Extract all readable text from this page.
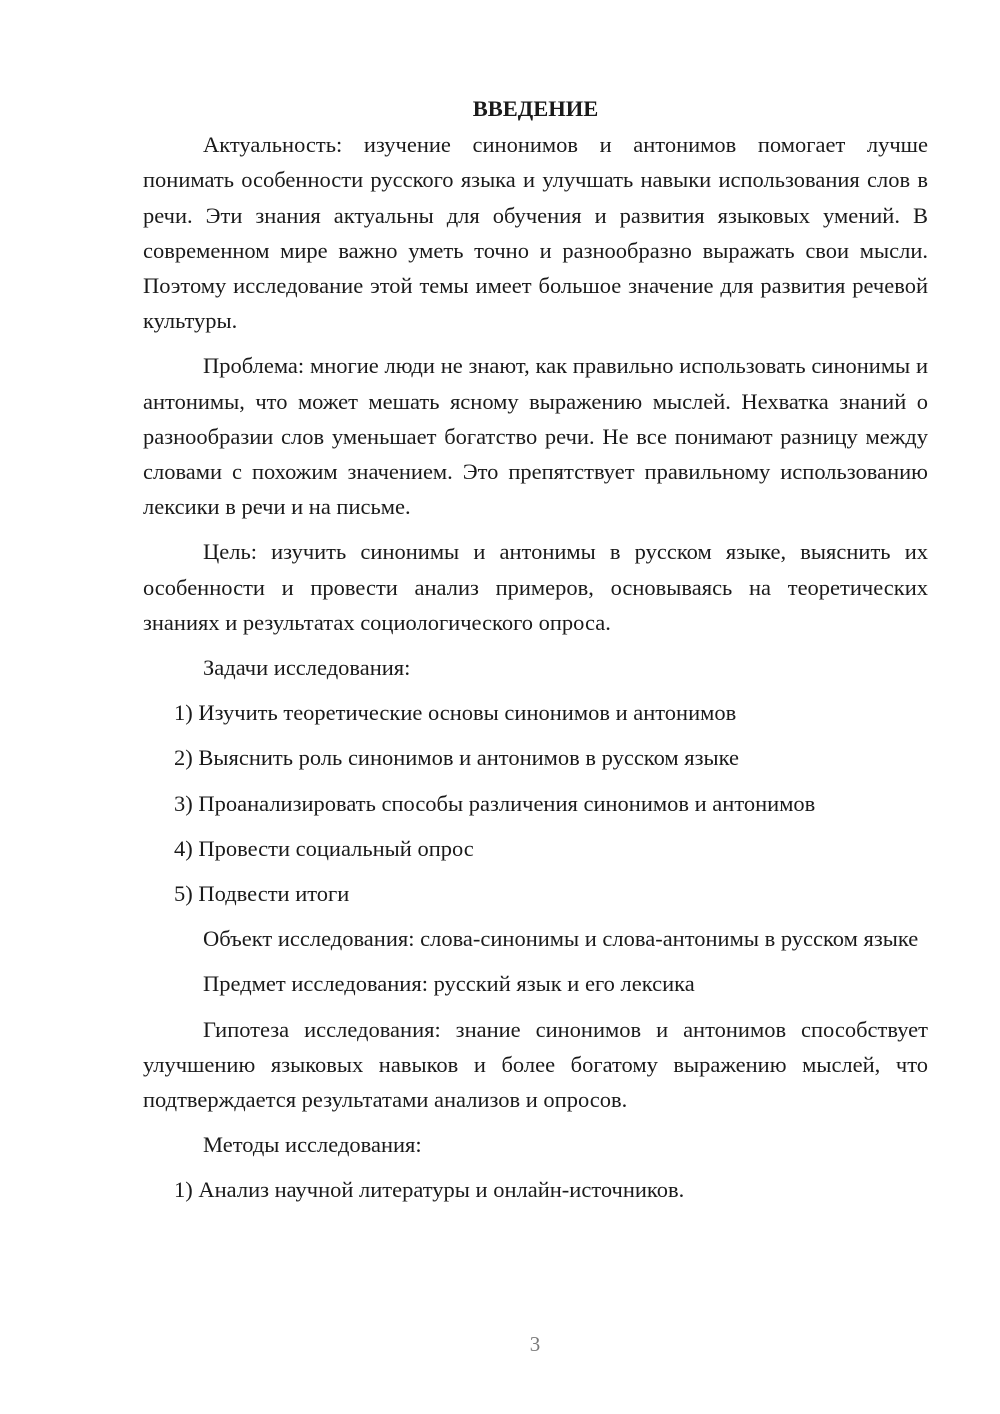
ВВЕДЕНИЕ

Актуальность: изучение синонимов и антонимов помогает лучше понимать особенности русского языка и улучшать навыки использования слов в речи. Эти знания актуальны для обучения и развития языковых умений. В современном мире важно уметь точно и разнообразно выражать свои мысли. Поэтому исследование этой темы имеет большое значение для развития речевой культуры.

Проблема: многие люди не знают, как правильно использовать синонимы и антонимы, что может мешать ясному выражению мыслей. Нехватка знаний о разнообразии слов уменьшает богатство речи. Не все понимают разницу между словами с похожим значением. Это препятствует правильному использованию лексики в речи и на письме.

Цель: изучить синонимы и антонимы в русском языке, выяснить их особенности и провести анализ примеров, основываясь на теоретических знаниях и результатах социологического опроса.

Задачи исследования:

1) Изучить теоретические основы синонимов и антонимов

2) Выяснить роль синонимов и антонимов в русском языке

3) Проанализировать способы различения синонимов и антонимов

4) Провести социальный опрос

5) Подвести итоги

Объект исследования: слова-синонимы и слова-антонимы в русском языке

Предмет исследования: русский язык и его лексика

Гипотеза исследования: знание синонимов и антонимов способствует улучшению языковых навыков и более богатому выражению мыслей, что подтверждается результатами анализов и опросов.

Методы исследования:

1) Анализ научной литературы и онлайн-источников.

3
